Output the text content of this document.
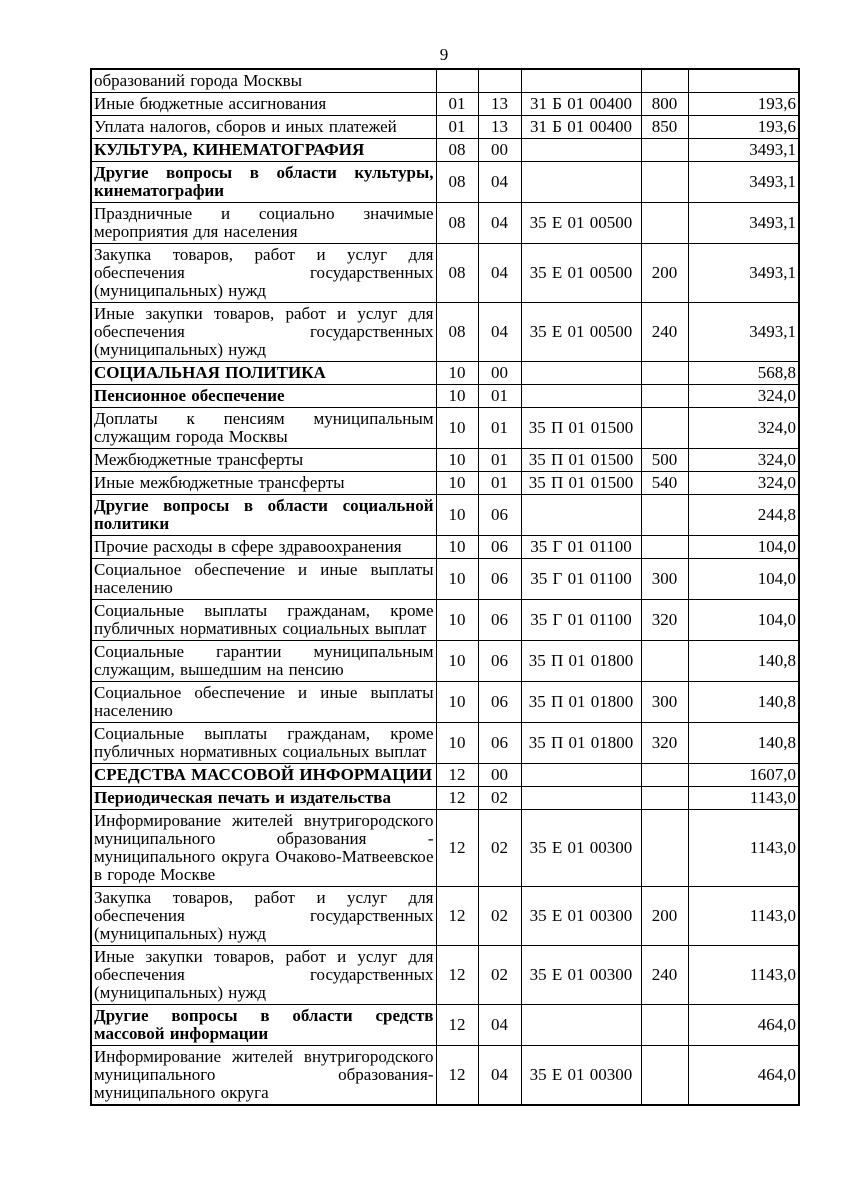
9
образований города Москвы					
Иные бюджетные ассигнования	01	13	31 Б 01 00400	800	193,6
Уплата налогов, сборов и иных платежей	01	13	31 Б 01 00400	850	193,6
КУЛЬТУРА, КИНЕМАТОГРАФИЯ	08	00			3493,1
Другие вопросы в области культуры, кинематографии	08	04			3493,1
Праздничные и социально значимые мероприятия для населения	08	04	35 Е 01 00500		3493,1
Закупка товаров, работ и услуг для обеспечения государственных (муниципальных) нужд	08	04	35 Е 01 00500	200	3493,1
Иные закупки товаров, работ и услуг для обеспечения государственных (муниципальных) нужд	08	04	35 Е 01 00500	240	3493,1
СОЦИАЛЬНАЯ ПОЛИТИКА	10	00			568,8
Пенсионное обеспечение	10	01			324,0
Доплаты к пенсиям муниципальным служащим города Москвы	10	01	35 П 01 01500		324,0
Межбюджетные трансферты	10	01	35 П 01 01500	500	324,0
Иные межбюджетные трансферты	10	01	35 П 01 01500	540	324,0
Другие вопросы в области социальной политики	10	06			244,8
Прочие расходы в сфере здравоохранения	10	06	35 Г 01 01100		104,0
Социальное обеспечение и иные выплаты населению	10	06	35 Г 01 01100	300	104,0
Социальные выплаты гражданам, кроме публичных нормативных социальных выплат	10	06	35 Г 01 01100	320	104,0
Социальные гарантии муниципальным служащим, вышедшим на пенсию	10	06	35 П 01 01800		140,8
Социальное обеспечение и иные выплаты населению	10	06	35 П 01 01800	300	140,8
Социальные выплаты гражданам, кроме публичных нормативных социальных выплат	10	06	35 П 01 01800	320	140,8
СРЕДСТВА МАССОВОЙ ИНФОРМАЦИИ	12	00			1607,0
Периодическая печать и издательства	12	02			1143,0
Информирование жителей внутригородского муниципального образования - муниципального округа Очаково-Матвеевское в городе Москве	12	02	35 Е 01 00300		1143,0
Закупка товаров, работ и услуг для обеспечения государственных (муниципальных) нужд	12	02	35 Е 01 00300	200	1143,0
Иные закупки товаров, работ и услуг для обеспечения государственных (муниципальных) нужд	12	02	35 Е 01 00300	240	1143,0
Другие вопросы в области средств массовой информации	12	04			464,0
Информирование жителей внутригородского муниципального образования- муниципального округа	12	04	35 Е 01 00300		464,0
